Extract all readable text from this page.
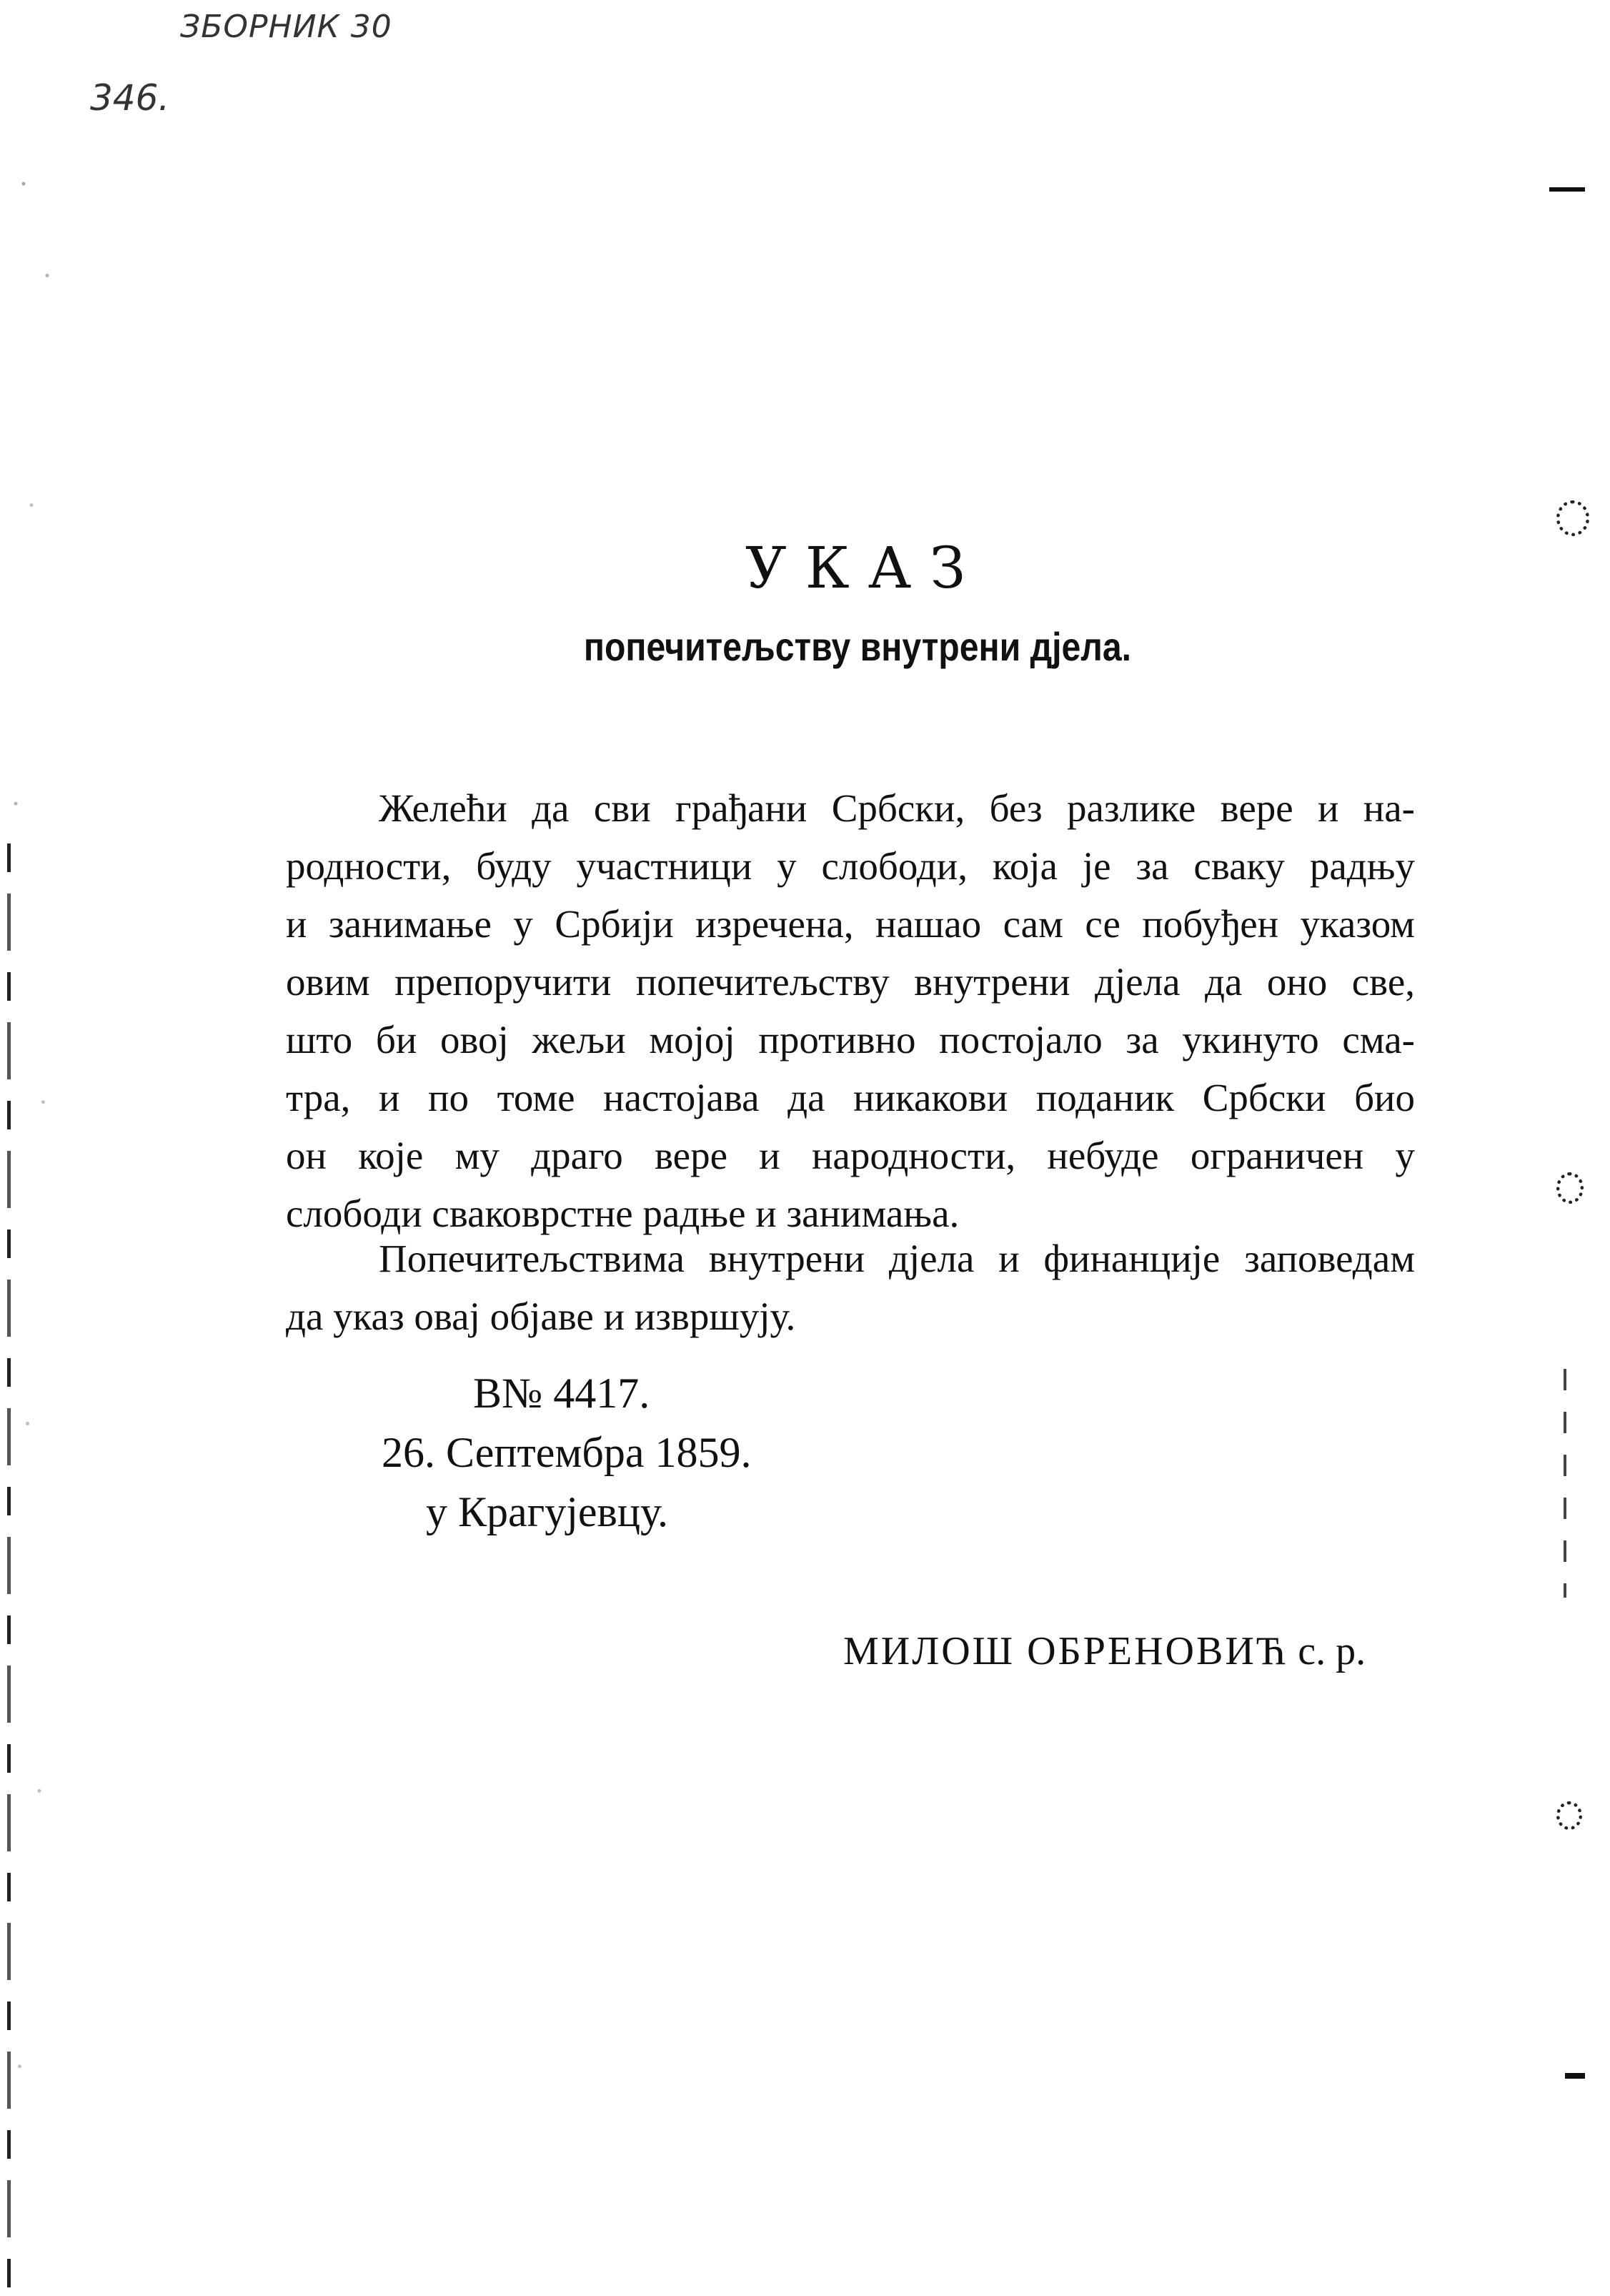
ЗБОРНИК 30
346.
УКАЗ
попечитељству внутрени дјела.
Желећи да сви грађани Србски, без разлике вере и на-
родности, буду участници у слободи, која је за сваку радњу
и занимање у Србији изречена, нашао сам се побуђен указом
овим препоручити попечитељству внутрени дјела да оно све,
што би овој жељи мојој противно постојало за укинуто сма-
тра, и по томе настојава да никакови поданик Србски био
он које му драго вере и народности, небуде ограничен у
слободи сваковрстне радње и занимања.
Попечитељствима внутрени дјела и финанције заповедам
да указ овај објаве и извршују.
В№ 4417.
26. Септембра 1859.
у Крагујевцу.
МИЛОШ ОБРЕНОВИЋ с. р.
